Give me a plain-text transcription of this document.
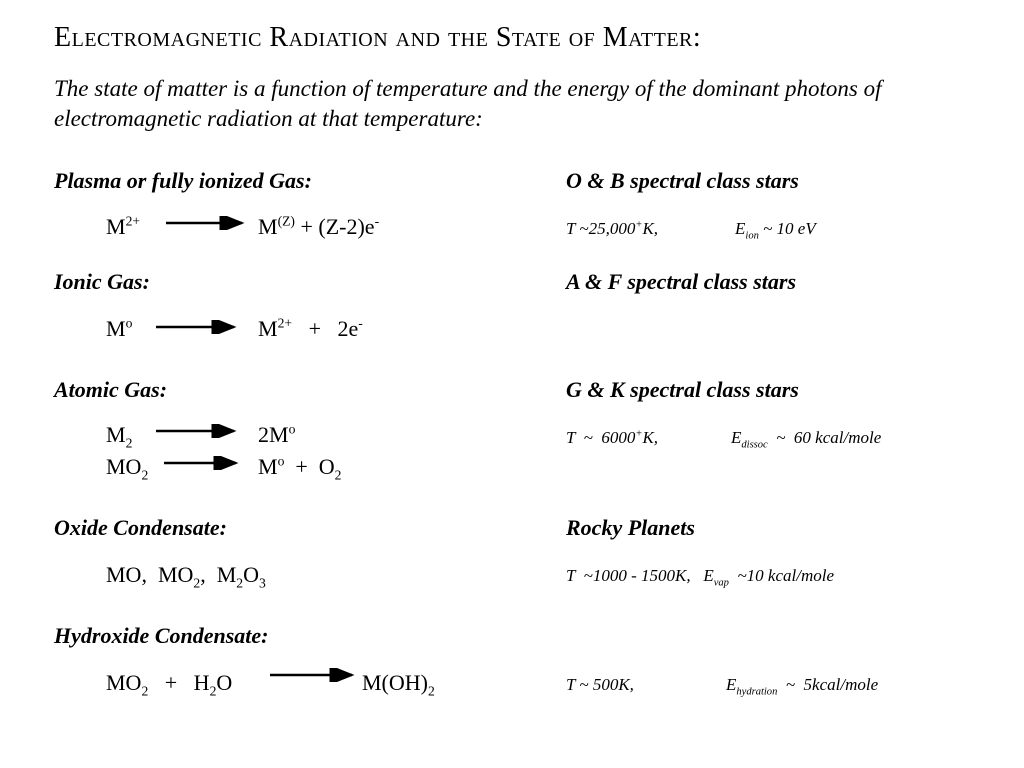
Electromagnetic Radiation and the State of Matter:
The state of matter is a function of temperature and the energy of the dominant photons of electromagnetic radiation at that temperature:
Plasma or fully ionized Gas:	O & B spectral class stars
$M^{2+}$	$M^{(Z)} + (Z-2)e^-$	T ~25,000+K,	$E_{ion}$ ~ 10 eV
Ionic Gas:	A & F spectral class stars
$M^o$	$M^{2+} + 2e^-$
Atomic Gas:	G & K spectral class stars
$M_2$	$2M^o$
$MO_2$	$M^o + O_2$
T  ~  6000+K,	$E_{dissoc}$  ~  60 kcal/mole
Oxide Condensate:	Rocky Planets
MO,  $MO_2$,  $M_2O_3$	T  ~1000 - 1500K,   $E_{vap}$  ~10 kcal/mole
Hydroxide Condensate:
$MO_2 + H_2O$	$M(OH)_2$	T ~ 500K,	$E_{hydration}$  ~  5kcal/mole
